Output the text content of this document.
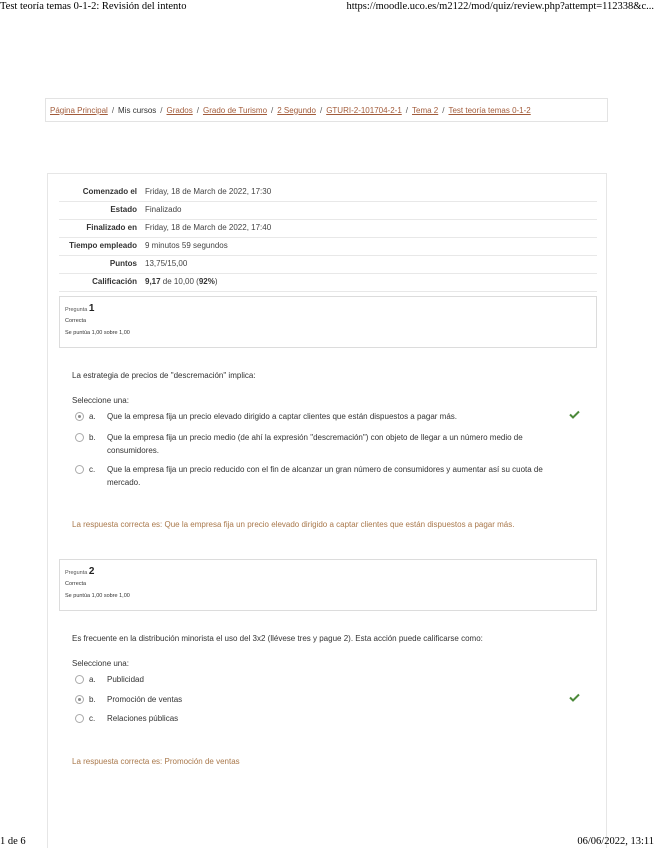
Test teoría temas 0-1-2: Revisión del intento	https://moodle.uco.es/m2122/mod/quiz/review.php?attempt=112338&c...
Página Principal / Mis cursos / Grados / Grado de Turismo / 2 Segundo / GTURI-2-101704-2-1 / Tema 2 / Test teoría temas 0-1-2
Comenzado el	Friday, 18 de March de 2022, 17:30
Estado	Finalizado
Finalizado en	Friday, 18 de March de 2022, 17:40
Tiempo empleado	9 minutos 59 segundos
Puntos	13,75/15,00
Calificación	9,17 de 10,00 (92%)
Pregunta 1
Correcta
Se puntúa 1,00 sobre 1,00
La estrategia de precios de "descremación" implica:
Seleccione una:
a.	Que la empresa fija un precio elevado dirigido a captar clientes que están dispuestos a pagar más.
b.	Que la empresa fija un precio medio (de ahí la expresión "descremación") con objeto de llegar a un número medio de consumidores.
c.	Que la empresa fija un precio reducido con el fin de alcanzar un gran número de consumidores y aumentar así su cuota de mercado.
La respuesta correcta es: Que la empresa fija un precio elevado dirigido a captar clientes que están dispuestos a pagar más.
Pregunta 2
Correcta
Se puntúa 1,00 sobre 1,00
Es frecuente en la distribución minorista el uso del 3x2 (llévese tres y pague 2). Esta acción puede calificarse como:
Seleccione una:
a.	Publicidad
b.	Promoción de ventas
c.	Relaciones públicas
La respuesta correcta es: Promoción de ventas
1 de 6	06/06/2022, 13:11
